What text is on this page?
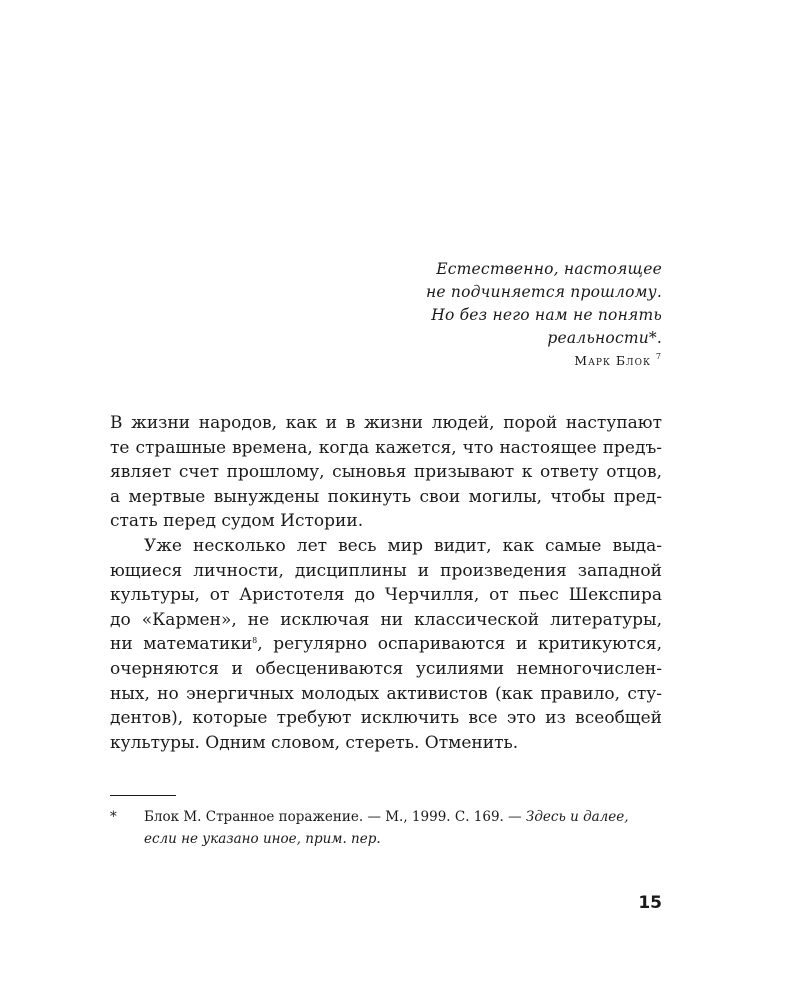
Естественно, настоящее
не подчиняется прошлому.
Но без него нам не понять
реальности*.
Марк Блок $^7$
В жизни народов, как и в жизни людей, порой наступают
те страшные времена, когда кажется, что настоящее предъ-
являет счет прошлому, сыновья призывают к ответу отцов,
а мертвые вынуждены покинуть свои могилы, чтобы пред-
стать перед судом Истории.
Уже несколько лет весь мир видит, как самые выда-
ющиеся личности, дисциплины и произведения западной
культуры, от Аристотеля до Черчилля, от пьес Шекспира
до «Кармен», не исключая ни классической литературы,
ни математики$^8$, регулярно оспариваются и критикуются,
очерняются и обесцениваются усилиями немногочислен-
ных, но энергичных молодых активистов (как правило, сту-
дентов), которые требуют исключить все это из всеобщей
культуры. Одним словом, стереть. Отменить.
* Блок М. Странное поражение. — М., 1999. С. 169. — Здесь и далее,
если не указано иное, прим. пер.
15
